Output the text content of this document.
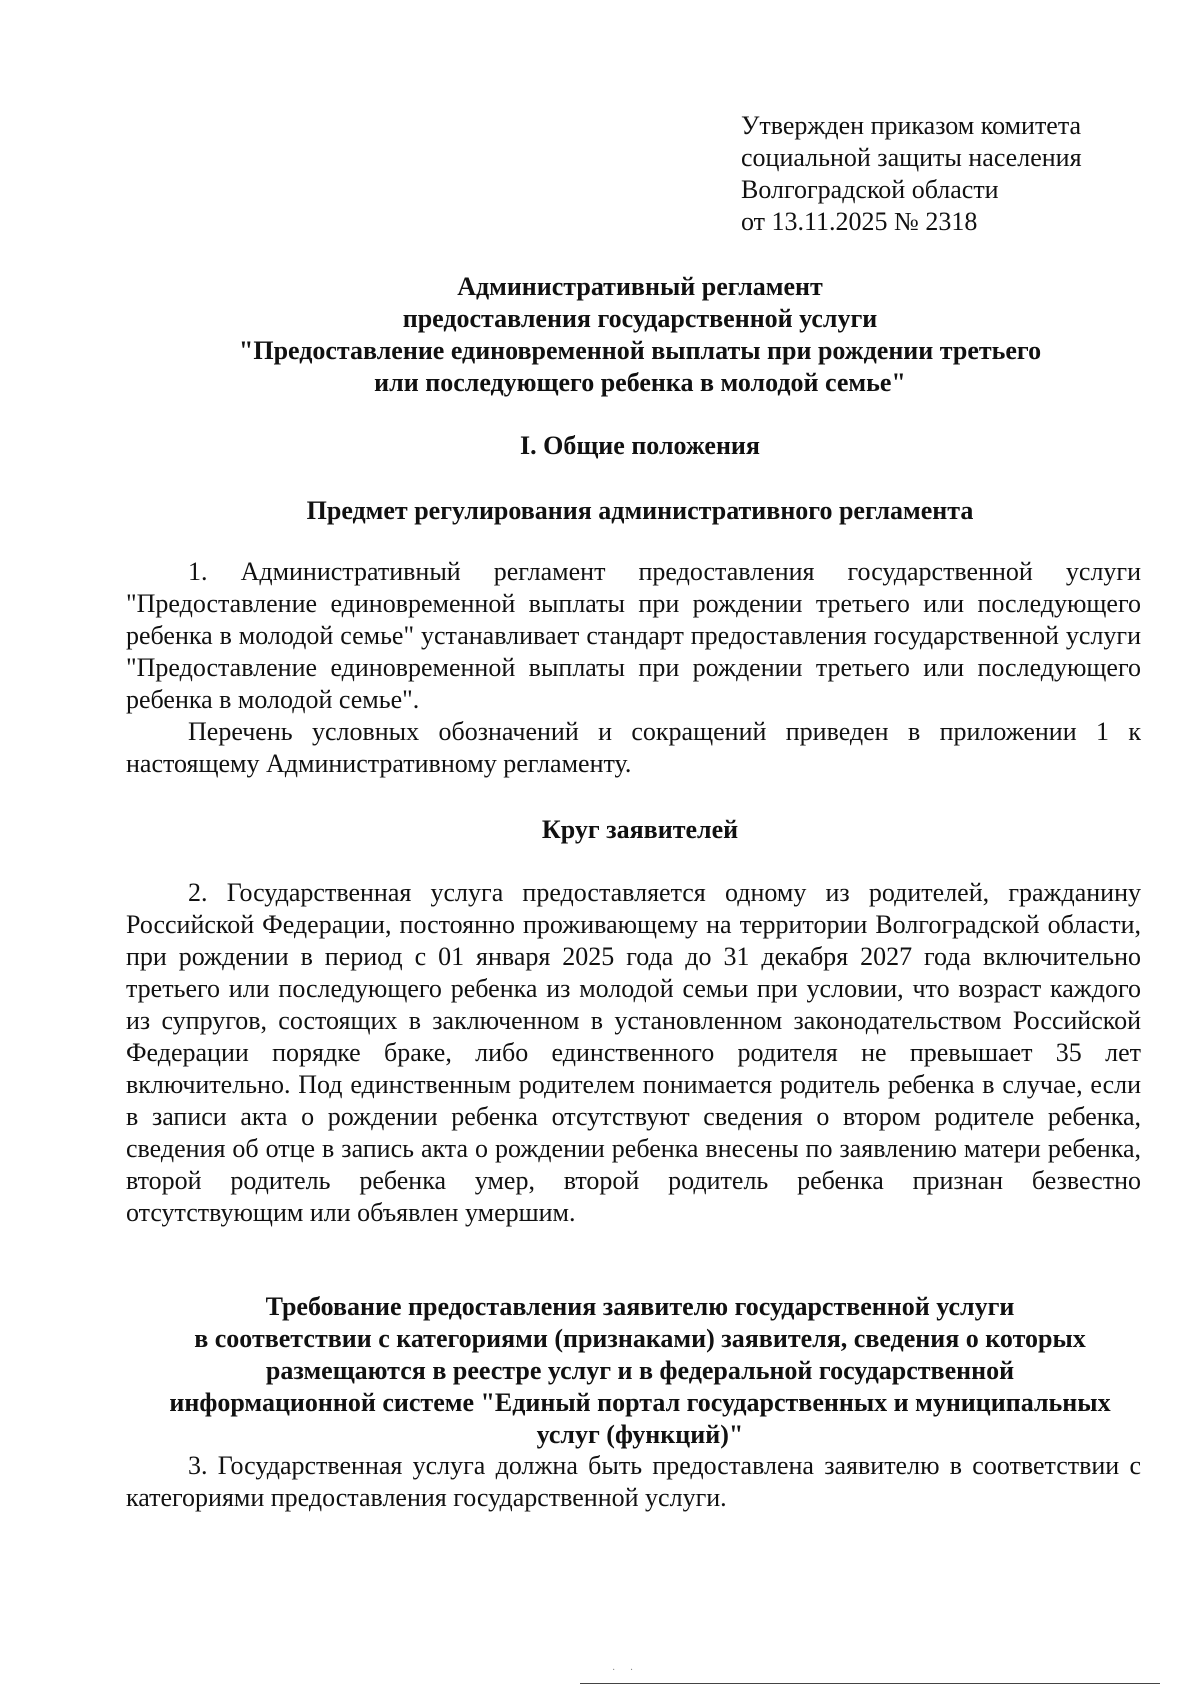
Утвержден приказом комитета
социальной защиты населения
Волгоградской области
от 13.11.2025 № 2318
Административный регламент
предоставления государственной услуги
"Предоставление единовременной выплаты при рождении третьего
или последующего ребенка в молодой семье"
I. Общие положения
Предмет регулирования административного регламента

1. Административный регламент предоставления государственной услуги "Предоставление единовременной выплаты при рождении третьего или последующего ребенка в молодой семье" устанавливает стандарт предоставления государственной услуги "Предоставление единовременной выплаты при рождении третьего или последующего ребенка в молодой семье".

Перечень условных обозначений и сокращений приведен в приложении 1 к настоящему Административному регламенту.

Круг заявителей

2. Государственная услуга предоставляется одному из родителей, гражданину Российской Федерации, постоянно проживающему на территории Волгоградской области, при рождении в период с 01 января 2025 года до 31 декабря 2027 года включительно третьего или последующего ребенка из молодой семьи при условии, что возраст каждого из супругов, состоящих в заключенном в установленном законодательством Российской Федерации порядке браке, либо единственного родителя не превышает 35 лет включительно. Под единственным родителем понимается родитель ребенка в случае, если в записи акта о рождении ребенка отсутствуют сведения о втором родителе ребенка, сведения об отце в запись акта о рождении ребенка внесены по заявлению матери ребенка, второй родитель ребенка умер, второй родитель ребенка признан безвестно отсутствующим или объявлен умершим.

Требование предоставления заявителю государственной услуги
в соответствии с категориями (признаками) заявителя, сведения о которых
размещаются в реестре услуг и в федеральной государственной
информационной системе "Единый портал государственных и муниципальных
услуг (функций)"

3. Государственная услуга должна быть предоставлена заявителю в соответствии с категориями предоставления государственной услуги.

· ·
